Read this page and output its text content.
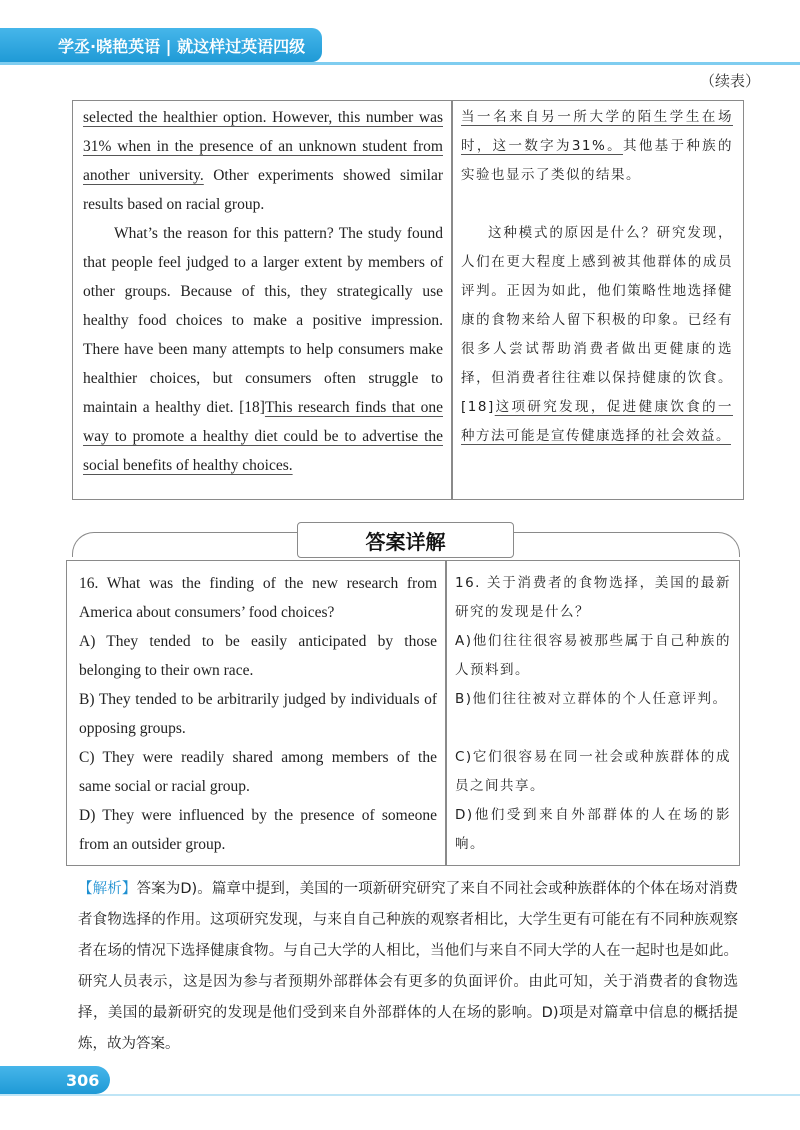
学丞·晓艳英语 | 就这样过英语四级
（续表）

selected the healthier option. However, this number was 31% when in the presence of an unknown student from another university. Other experiments showed similar results based on racial group.

What’s the reason for this pattern? The study found that people feel judged to a larger extent by members of other groups. Because of this, they strategically use healthy food choices to make a positive impression. There have been many attempts to help consumers make healthier choices, but consumers often struggle to maintain a healthy diet. [18]This research finds that one way to promote a healthy diet could be to advertise the social benefits of healthy choices.

当一名来自另一所大学的陌生学生在场时，这一数字为31%。其他基于种族的实验也显示了类似的结果。

这种模式的原因是什么？研究发现，人们在更大程度上感到被其他群体的成员评判。正因为如此，他们策略性地选择健康的食物来给人留下积极的印象。已经有很多人尝试帮助消费者做出更健康的选择，但消费者往往难以保持健康的饮食。[18]这项研究发现，促进健康饮食的一种方法可能是宣传健康选择的社会效益。

答案详解

16. What was the finding of the new research from America about consumers’ food choices?

A) They tended to be easily anticipated by those belonging to their own race.

B) They tended to be arbitrarily judged by individuals of opposing groups.

C) They were readily shared among members of the same social or racial group.

D) They were influenced by the presence of someone from an outsider group.

16. 关于消费者的食物选择，美国的最新研究的发现是什么？

A)他们往往很容易被那些属于自己种族的人预料到。

B)他们往往被对立群体的个人任意评判。

C)它们很容易在同一社会或种族群体的成员之间共享。

D)他们受到来自外部群体的人在场的影响。

【解析】答案为D)。篇章中提到，美国的一项新研究研究了来自不同社会或种族群体的个体在场对消费者食物选择的作用。这项研究发现，与来自自己种族的观察者相比，大学生更有可能在有不同种族观察者在场的情况下选择健康食物。与自己大学的人相比，当他们与来自不同大学的人在一起时也是如此。研究人员表示，这是因为参与者预期外部群体会有更多的负面评价。由此可知，关于消费者的食物选择，美国的最新研究的发现是他们受到来自外部群体的人在场的影响。D)项是对篇章中信息的概括提炼，故为答案。
306
